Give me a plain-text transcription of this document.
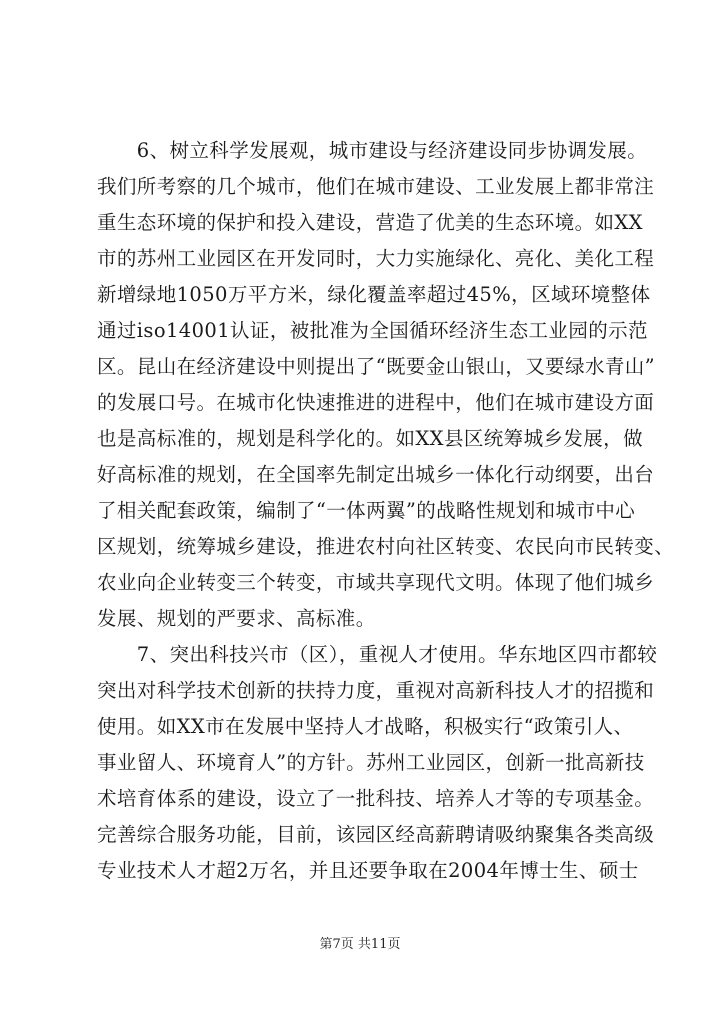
　　6、树立科学发展观，城市建设与经济建设同步协调发展。
我们所考察的几个城市，他们在城市建设、工业发展上都非常注
重生态环境的保护和投入建设，营造了优美的生态环境。如XX
市的苏州工业园区在开发同时，大力实施绿化、亮化、美化工程
新增绿地1050万平方米，绿化覆盖率超过45%，区域环境整体
通过iso14001认证，被批准为全国循环经济生态工业园的示范
区。昆山在经济建设中则提出了“既要金山银山，又要绿水青山”
的发展口号。在城市化快速推进的进程中，他们在城市建设方面
也是高标准的，规划是科学化的。如XX县区统筹城乡发展，做
好高标准的规划，在全国率先制定出城乡一体化行动纲要，出台
了相关配套政策，编制了“一体两翼”的战略性规划和城市中心
区规划，统筹城乡建设，推进农村向社区转变、农民向市民转变、
农业向企业转变三个转变，市域共享现代文明。体现了他们城乡
发展、规划的严要求、高标准。
　　7、突出科技兴市（区），重视人才使用。华东地区四市都较
突出对科学技术创新的扶持力度，重视对高新科技人才的招揽和
使用。如XX市在发展中坚持人才战略，积极实行“政策引人、
事业留人、环境育人”的方针。苏州工业园区，创新一批高新技
术培育体系的建设，设立了一批科技、培养人才等的专项基金。
完善综合服务功能，目前，该园区经高薪聘请吸纳聚集各类高级
专业技术人才超2万名，并且还要争取在2004年博士生、硕士
第7页 共11页
